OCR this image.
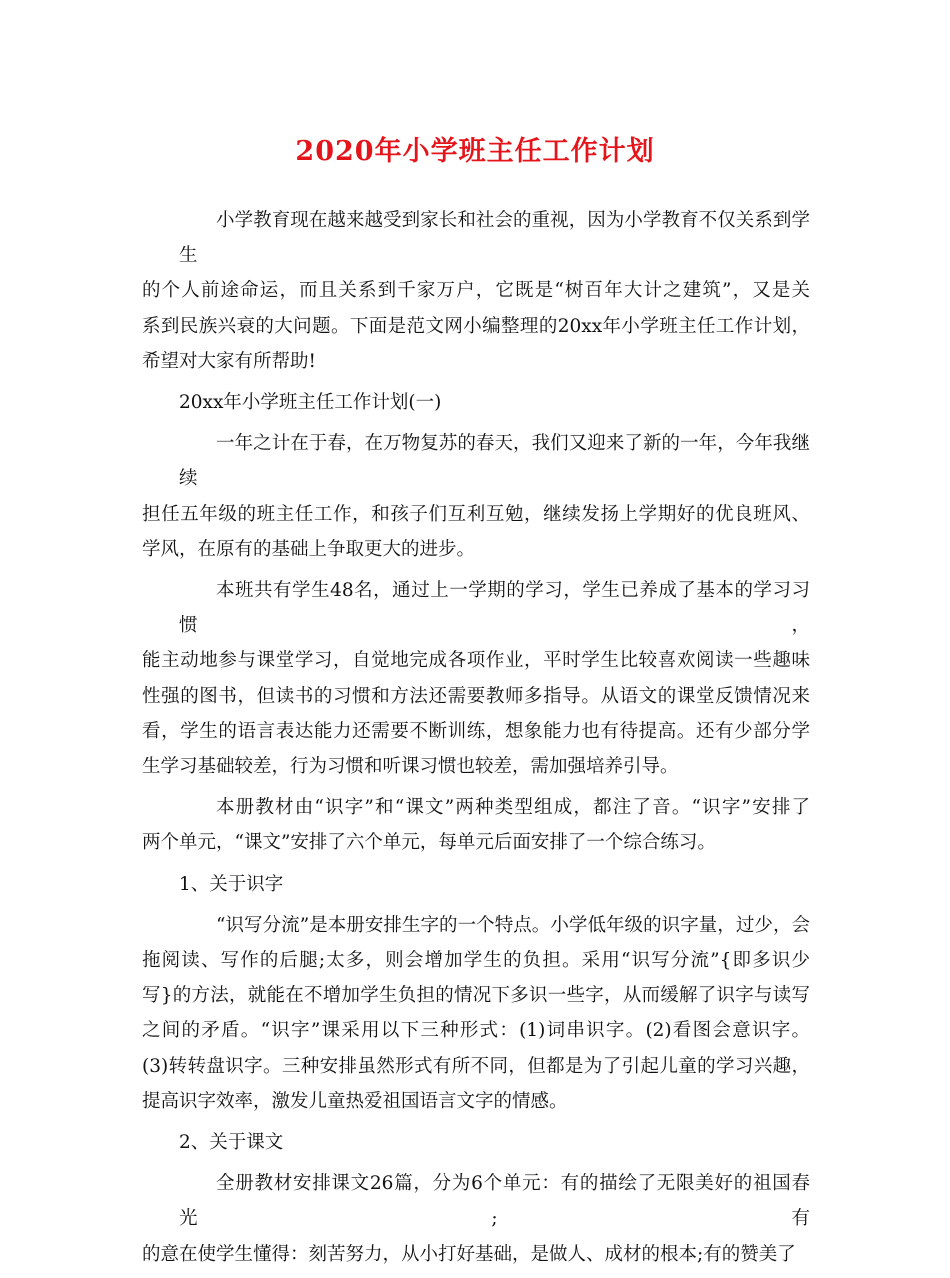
2020年小学班主任工作计划
小学教育现在越来越受到家长和社会的重视，因为小学教育不仅关系到学生
的个人前途命运，而且关系到千家万户，它既是“树百年大计之建筑”，又是关
系到民族兴衰的大问题。下面是范文网小编整理的20xx年小学班主任工作计划，
希望对大家有所帮助!
20xx年小学班主任工作计划(一)
一年之计在于春，在万物复苏的春天，我们又迎来了新的一年，今年我继续
担任五年级的班主任工作，和孩子们互利互勉，继续发扬上学期好的优良班风、
学风，在原有的基础上争取更大的进步。
本班共有学生48名，通过上一学期的学习，学生已养成了基本的学习习惯，
能主动地参与课堂学习，自觉地完成各项作业，平时学生比较喜欢阅读一些趣味
性强的图书，但读书的习惯和方法还需要教师多指导。从语文的课堂反馈情况来
看，学生的语言表达能力还需要不断训练，想象能力也有待提高。还有少部分学
生学习基础较差，行为习惯和听课习惯也较差，需加强培养引导。
本册教材由“识字”和“课文”两种类型组成，都注了音。“识字”安排了
两个单元，“课文”安排了六个单元，每单元后面安排了一个综合练习。
1、关于识字
“识写分流”是本册安排生字的一个特点。小学低年级的识字量，过少，会
拖阅读、写作的后腿;太多，则会增加学生的负担。采用“识写分流”{即多识少
写}的方法，就能在不增加学生负担的情况下多识一些字，从而缓解了识字与读写
之间的矛盾。“识字”课采用以下三种形式：(1)词串识字。(2)看图会意识字。
(3)转转盘识字。三种安排虽然形式有所不同，但都是为了引起儿童的学习兴趣，
提高识字效率，激发儿童热爱祖国语言文字的情感。
2、关于课文
全册教材安排课文26篇，分为6个单元：有的描绘了无限美好的祖国春光;有
的意在使学生懂得：刻苦努力，从小打好基础，是做人、成材的根本;有的赞美了
